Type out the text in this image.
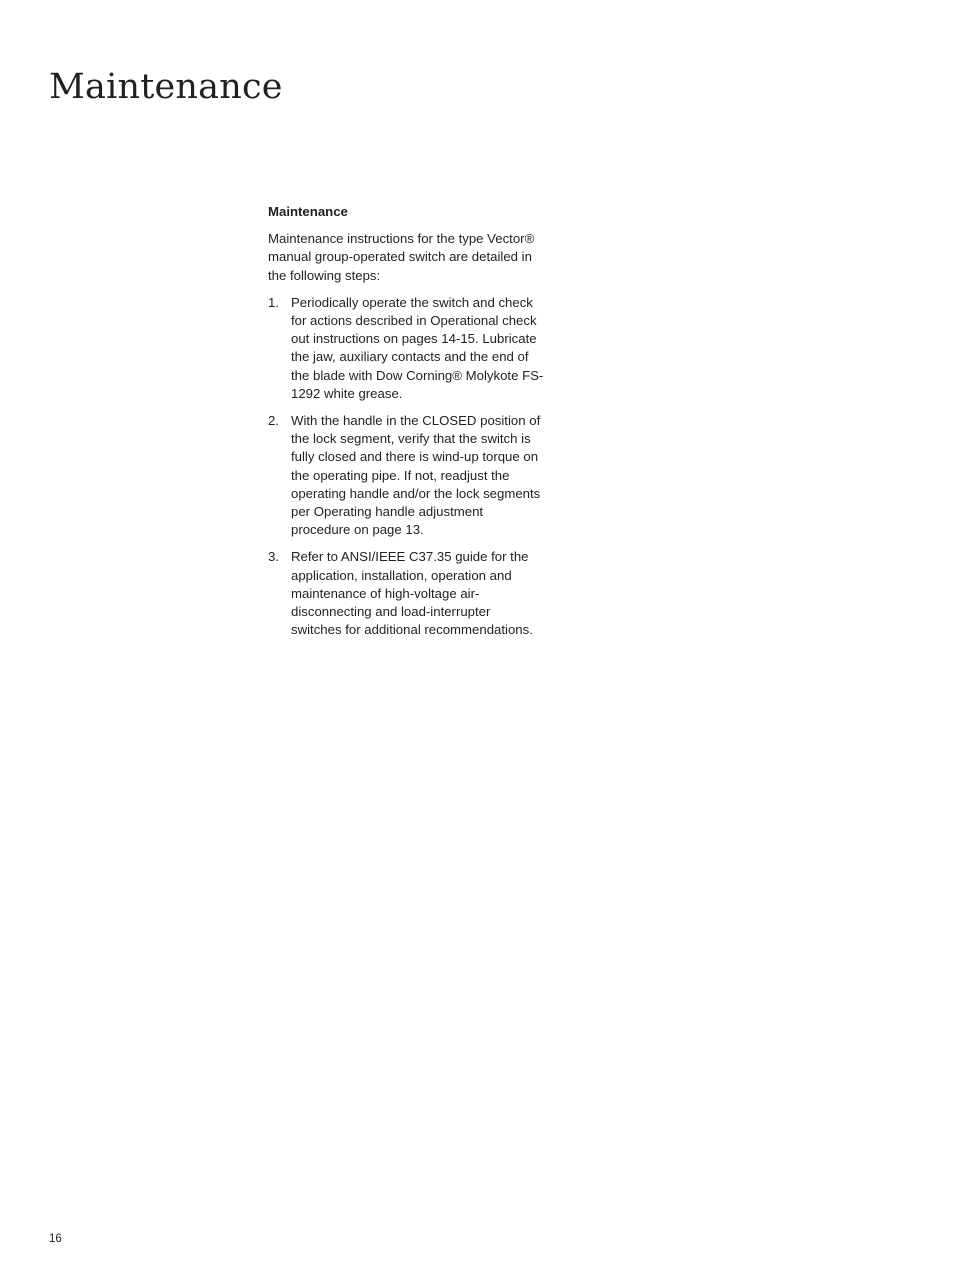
Maintenance

Maintenance

Maintenance instructions for the type Vector® manual group-operated switch are detailed in the following steps:

1. Periodically operate the switch and check for actions described in Operational check out instructions on pages 14-15. Lubricate the jaw, auxiliary contacts and the end of the blade with Dow Corning® Molykote FS-1292 white grease.
2. With the handle in the CLOSED position of the lock segment, verify that the switch is fully closed and there is wind-up torque on the operating pipe. If not, readjust the operating handle and/or the lock segments per Operating handle adjustment procedure on page 13.
3. Refer to ANSI/IEEE C37.35 guide for the application, installation, operation and maintenance of high-voltage air-disconnecting and load-interrupter switches for additional recommendations.
16
